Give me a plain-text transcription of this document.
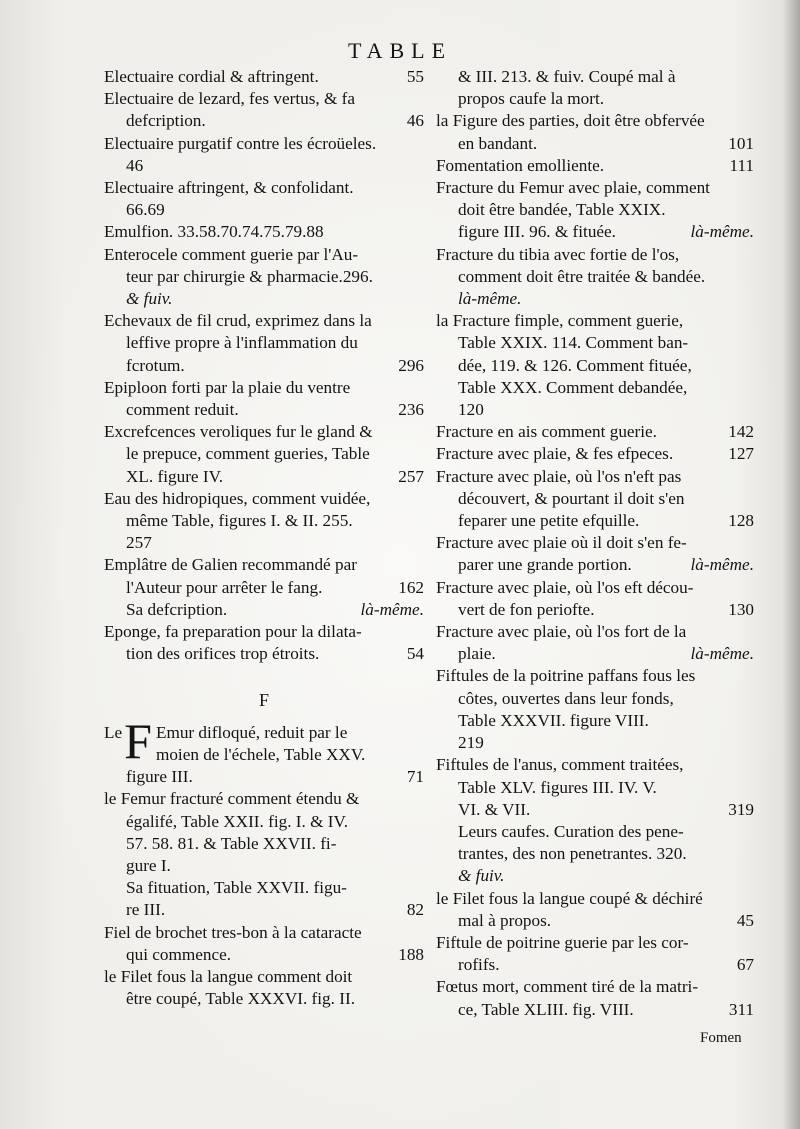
TABLE
Electuaire cordial & aftringent.	55
Electuaire de lezard, fes vertus, & fa
defcription.	46
Electuaire purgatif contre les écroüeles.
46
Electuaire aftringent, & confolidant.
66.69
Emulfion. 33.58.70.74.75.79.88
Enterocele comment guerie par l'Au-
teur par chirurgie & pharmacie.296.
& fuiv.
Echevaux de fil crud, exprimez dans la
leffive propre à l'inflammation du
fcrotum.	296
Epiploon forti par la plaie du ventre
comment reduit.	236
Excrefcences veroliques fur le gland &
le prepuce, comment gueries, Table
XL. figure IV.	257
Eau des hidropiques, comment vuidée,
même Table, figures I. & II. 255.
257
Emplâtre de Galien recommandé par
l'Auteur pour arrêter le fang.	162
Sa defcription.	là-même.
Eponge, fa preparation pour la dilata-
tion des orifices trop étroits.	54
F
Le F Emur difloqué, reduit par le
moien de l'échele, Table XXV.
figure III.	71
le Femur fracturé comment étendu &
égalifé, Table XXII. fig. I. & IV.
57. 58. 81. & Table XXVII. fi-
gure I.
Sa fituation, Table XXVII. figu-
re III.	82
Fiel de brochet tres-bon à la cataracte
qui commence.	188
le Filet fous la langue comment doit
être coupé, Table XXXVI. fig. II.
& III. 213. & fuiv. Coupé mal à
propos caufe la mort.
la Figure des parties, doit être obfervée
en bandant.	101
Fomentation emolliente.	111
Fracture du Femur avec plaie, comment
doit être bandée, Table XXIX.
figure III. 96. & fituée.	là-même.
Fracture du tibia avec fortie de l'os,
comment doit être traitée & bandée.
là-même.
la Fracture fimple, comment guerie,
Table XXIX. 114. Comment ban-
dée, 119. & 126. Comment fituée,
Table XXX. Comment debandée,
120
Fracture en ais comment guerie.	142
Fracture avec plaie, & fes efpeces.	127
Fracture avec plaie, où l'os n'eft pas
découvert, & pourtant il doit s'en
feparer une petite efquille.	128
Fracture avec plaie où il doit s'en fe-
parer une grande portion.	là-même.
Fracture avec plaie, où l'os eft décou-
vert de fon periofte.	130
Fracture avec plaie, où l'os fort de la
plaie.	là-même.
Fiftules de la poitrine paffans fous les
côtes, ouvertes dans leur fonds,
Table XXXVII. figure VIII.
219
Fiftules de l'anus, comment traitées,
Table XLV. figures III. IV. V.
VI. & VII.	319
Leurs caufes. Curation des pene-
trantes, des non penetrantes. 320.
& fuiv.
le Filet fous la langue coupé & déchiré
mal à propos.	45
Fiftule de poitrine guerie par les cor-
rofifs.	67
Fœtus mort, comment tiré de la matri-
ce, Table XLIII. fig. VIII.	311
Fomen
